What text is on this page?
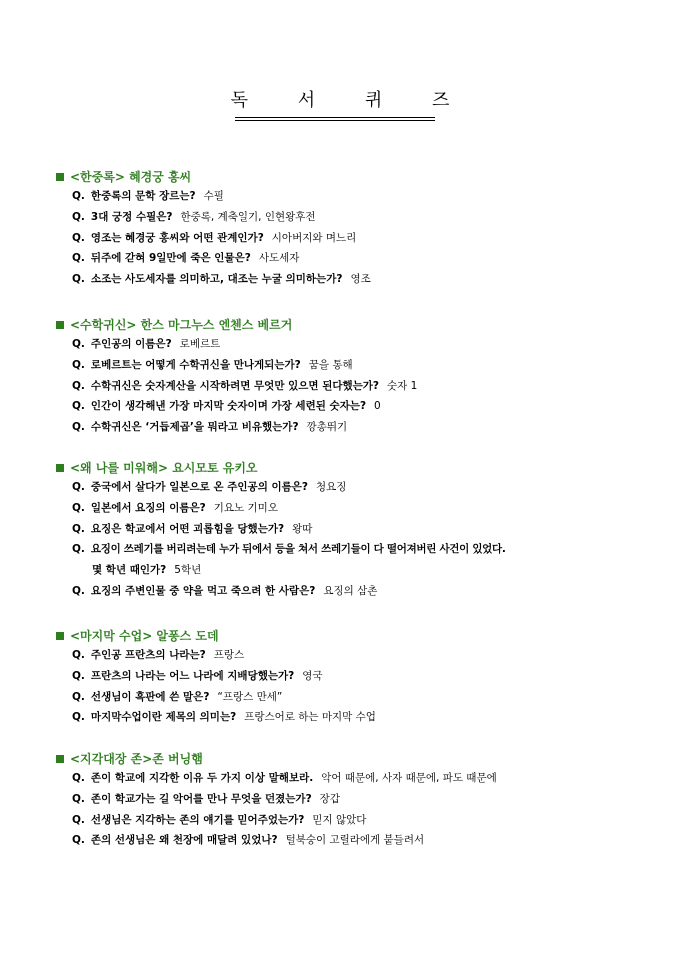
독 서 퀴 즈
<한중록> 혜경궁 홍씨
Q. 한중록의 문학 장르는? 수필
Q. 3대 궁정 수필은? 한중록, 계축일기, 인현왕후전
Q. 영조는 혜경궁 홍씨와 어떤 관계인가? 시아버지와 며느리
Q. 뒤주에 갇혀 9일만에 죽은 인물은? 사도세자
Q. 소조는 사도세자를 의미하고, 대조는 누굴 의미하는가? 영조
<수학귀신> 한스 마그누스 엔첸스 베르거
Q. 주인공의 이름은? 로베르트
Q. 로베르트는 어떻게 수학귀신을 만나게되는가? 꿈을 통해
Q. 수학귀신은 숫자계산을 시작하려면 무엇만 있으면 된다했는가? 숫자 1
Q. 인간이 생각해낸 가장 마지막 숫자이며 가장 세련된 숫자는? 0
Q. 수학귀신은 ‘거듭제곱’을 뭐라고 비유했는가? 깡총뛰기
<왜 나를 미워해> 요시모토 유키오
Q. 중국에서 살다가 일본으로 온 주인공의 이름은? 청요징
Q. 일본에서 요징의 이름은? 기요노 기미오
Q. 요징은 학교에서 어떤 괴롭힘을 당했는가? 왕따
Q. 요징이 쓰레기를 버리려는데 누가 뒤에서 등을 쳐서 쓰레기들이 다 떨어져버린 사건이 있었다.
몇 학년 때인가? 5학년
Q. 요징의 주변인물 중 약을 먹고 죽으려 한 사람은? 요징의 삼촌
<마지막 수업> 알퐁스 도데
Q. 주인공 프란츠의 나라는? 프랑스
Q. 프란츠의 나라는 어느 나라에 지배당했는가? 영국
Q. 선생님이 흑판에 쓴 말은? “프랑스 만세”
Q. 마지막수업이란 제목의 의미는? 프랑스어로 하는 마지막 수업
<지각대장 존>존 버닝햄
Q. 존이 학교에 지각한 이유 두 가지 이상 말해보라. 악어 때문에, 사자 때문에, 파도 때문에
Q. 존이 학교가는 길 악어를 만나 무엇을 던졌는가? 장갑
Q. 선생님은 지각하는 존의 얘기를 믿어주었는가? 믿지 않았다
Q. 존의 선생님은 왜 천장에 매달려 있었나? 털북숭이 고릴라에게 붙들려서
